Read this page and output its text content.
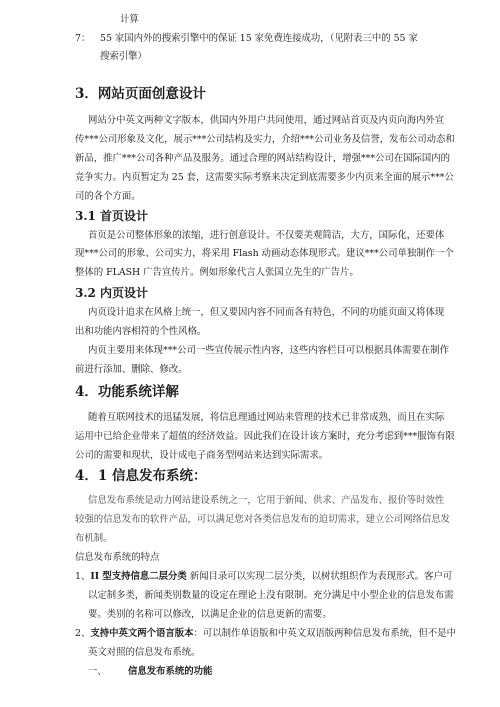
计算
7： 55 家国内外的搜索引擎中的保证 15 家免费连接成功，（见附表三中的 55 家
搜索引擎）
3．网站页面创意设计
网站分中英文两种文字版本，供国内外用户共同使用，通过网站首页及内页向海内外宣
传***公司形象及文化，展示***公司结构及实力，介绍***公司业务及信誉，发布公司动态和
新品，推广***公司各种产品及服务。通过合理的网站结构设计，增强***公司在国际国内的
竞争实力。内页暂定为 25 套，这需要实际考察来决定到底需要多少内页来全面的展示***公
司的各个方面。
3.1 首页设计
首页是公司整体形象的浓缩，进行创意设计。不仅要美观简洁，大方，国际化，还要体
现***公司的形象、公司实力，将采用 Flash 动画动态体现形式。建议***公司单独制作一个
整体的 FLASH 广告宣传片。例如形象代言人张国立先生的广告片。
3.2 内页设计
内页设计追求在风格上统一，但又要因内容不同而各有特色，不同的功能页面又将体现
出和功能内容相符的个性风格。
内页主要用来体现***公司一些宣传展示性内容，这些内容栏目可以根据具体需要在制作
前进行添加、删除、修改。
4．功能系统详解
随着互联网技术的迅猛发展，将信息理通过网站来管理的技术已非常成熟，而且在实际
运用中已给企业带来了超值的经济效益。因此我们在设计该方案时，充分考虑到***服饰有限
公司的需要和现状，设计成电子商务型网站来达到实际需求。
4．1 信息发布系统：
信息发布系统是动力网站建设系统之一，它用于新闻、供求、产品发布、报价等时效性
较强的信息发布的软件产品，可以满足您对各类信息发布的迫切需求，建立公司网络信息发
布机制。
信息发布系统的特点
1、II 型支持信息二层分类 新闻目录可以实现二层分类，以树状组织作为表现形式。客户可
以定制多类，新闻类别数量的设定在理论上没有限制。充分满足中小型企业的信息发布需
要。类别的名称可以修改，以满足企业的信息更新的需要。
2、支持中英文两个语言版本：可以制作单语版和中英文双语版两种信息发布系统，但不是中
英文对照的信息发布系统。
一、 信息发布系统的功能
